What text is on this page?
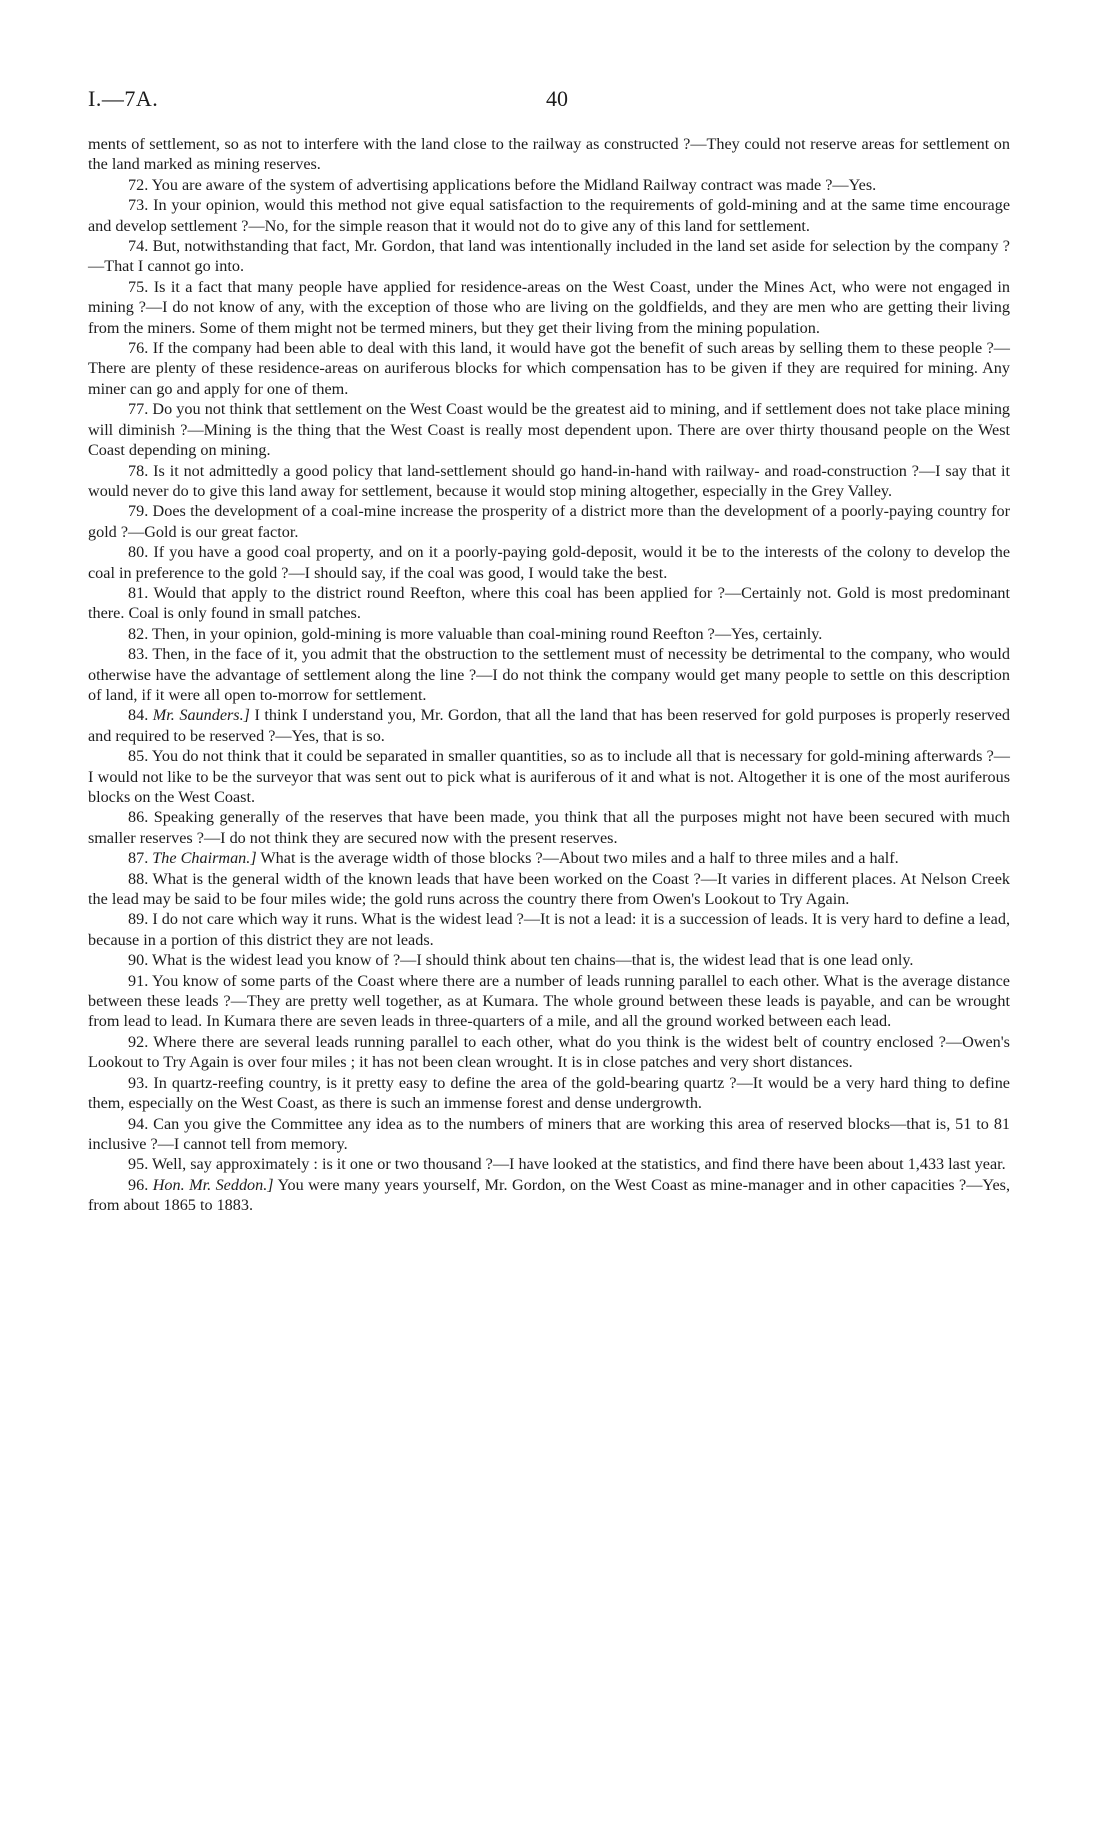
I.—7A.	40

ments of settlement, so as not to interfere with the land close to the railway as constructed ?—They could not reserve areas for settlement on the land marked as mining reserves.

72. You are aware of the system of advertising applications before the Midland Railway contract was made ?—Yes.

73. In your opinion, would this method not give equal satisfaction to the requirements of gold-mining and at the same time encourage and develop settlement ?—No, for the simple reason that it would not do to give any of this land for settlement.

74. But, notwithstanding that fact, Mr. Gordon, that land was intentionally included in the land set aside for selection by the company ?—That I cannot go into.

75. Is it a fact that many people have applied for residence-areas on the West Coast, under the Mines Act, who were not engaged in mining ?—I do not know of any, with the exception of those who are living on the goldfields, and they are men who are getting their living from the miners. Some of them might not be termed miners, but they get their living from the mining population.

76. If the company had been able to deal with this land, it would have got the benefit of such areas by selling them to these people ?—There are plenty of these residence-areas on auriferous blocks for which compensation has to be given if they are required for mining. Any miner can go and apply for one of them.

77. Do you not think that settlement on the West Coast would be the greatest aid to mining, and if settlement does not take place mining will diminish ?—Mining is the thing that the West Coast is really most dependent upon. There are over thirty thousand people on the West Coast depending on mining.

78. Is it not admittedly a good policy that land-settlement should go hand-in-hand with railway- and road-construction ?—I say that it would never do to give this land away for settlement, because it would stop mining altogether, especially in the Grey Valley.

79. Does the development of a coal-mine increase the prosperity of a district more than the development of a poorly-paying country for gold ?—Gold is our great factor.

80. If you have a good coal property, and on it a poorly-paying gold-deposit, would it be to the interests of the colony to develop the coal in preference to the gold ?—I should say, if the coal was good, I would take the best.

81. Would that apply to the district round Reefton, where this coal has been applied for ?—Certainly not. Gold is most predominant there. Coal is only found in small patches.

82. Then, in your opinion, gold-mining is more valuable than coal-mining round Reefton ?—Yes, certainly.

83. Then, in the face of it, you admit that the obstruction to the settlement must of necessity be detrimental to the company, who would otherwise have the advantage of settlement along the line ?—I do not think the company would get many people to settle on this description of land, if it were all open to-morrow for settlement.

84. Mr. Saunders.] I think I understand you, Mr. Gordon, that all the land that has been reserved for gold purposes is properly reserved and required to be reserved ?—Yes, that is so.

85. You do not think that it could be separated in smaller quantities, so as to include all that is necessary for gold-mining afterwards ?—I would not like to be the surveyor that was sent out to pick what is auriferous of it and what is not. Altogether it is one of the most auriferous blocks on the West Coast.

86. Speaking generally of the reserves that have been made, you think that all the purposes might not have been secured with much smaller reserves ?—I do not think they are secured now with the present reserves.

87. The Chairman.] What is the average width of those blocks ?—About two miles and a half to three miles and a half.

88. What is the general width of the known leads that have been worked on the Coast ?—It varies in different places. At Nelson Creek the lead may be said to be four miles wide; the gold runs across the country there from Owen's Lookout to Try Again.

89. I do not care which way it runs. What is the widest lead ?—It is not a lead: it is a succession of leads. It is very hard to define a lead, because in a portion of this district they are not leads.

90. What is the widest lead you know of ?—I should think about ten chains—that is, the widest lead that is one lead only.

91. You know of some parts of the Coast where there are a number of leads running parallel to each other. What is the average distance between these leads ?—They are pretty well together, as at Kumara. The whole ground between these leads is payable, and can be wrought from lead to lead. In Kumara there are seven leads in three-quarters of a mile, and all the ground worked between each lead.

92. Where there are several leads running parallel to each other, what do you think is the widest belt of country enclosed ?—Owen's Lookout to Try Again is over four miles ; it has not been clean wrought. It is in close patches and very short distances.

93. In quartz-reefing country, is it pretty easy to define the area of the gold-bearing quartz ?—It would be a very hard thing to define them, especially on the West Coast, as there is such an immense forest and dense undergrowth.

94. Can you give the Committee any idea as to the numbers of miners that are working this area of reserved blocks—that is, 51 to 81 inclusive ?—I cannot tell from memory.

95. Well, say approximately : is it one or two thousand ?—I have looked at the statistics, and find there have been about 1,433 last year.

96. Hon. Mr. Seddon.] You were many years yourself, Mr. Gordon, on the West Coast as mine-manager and in other capacities ?—Yes, from about 1865 to 1883.
